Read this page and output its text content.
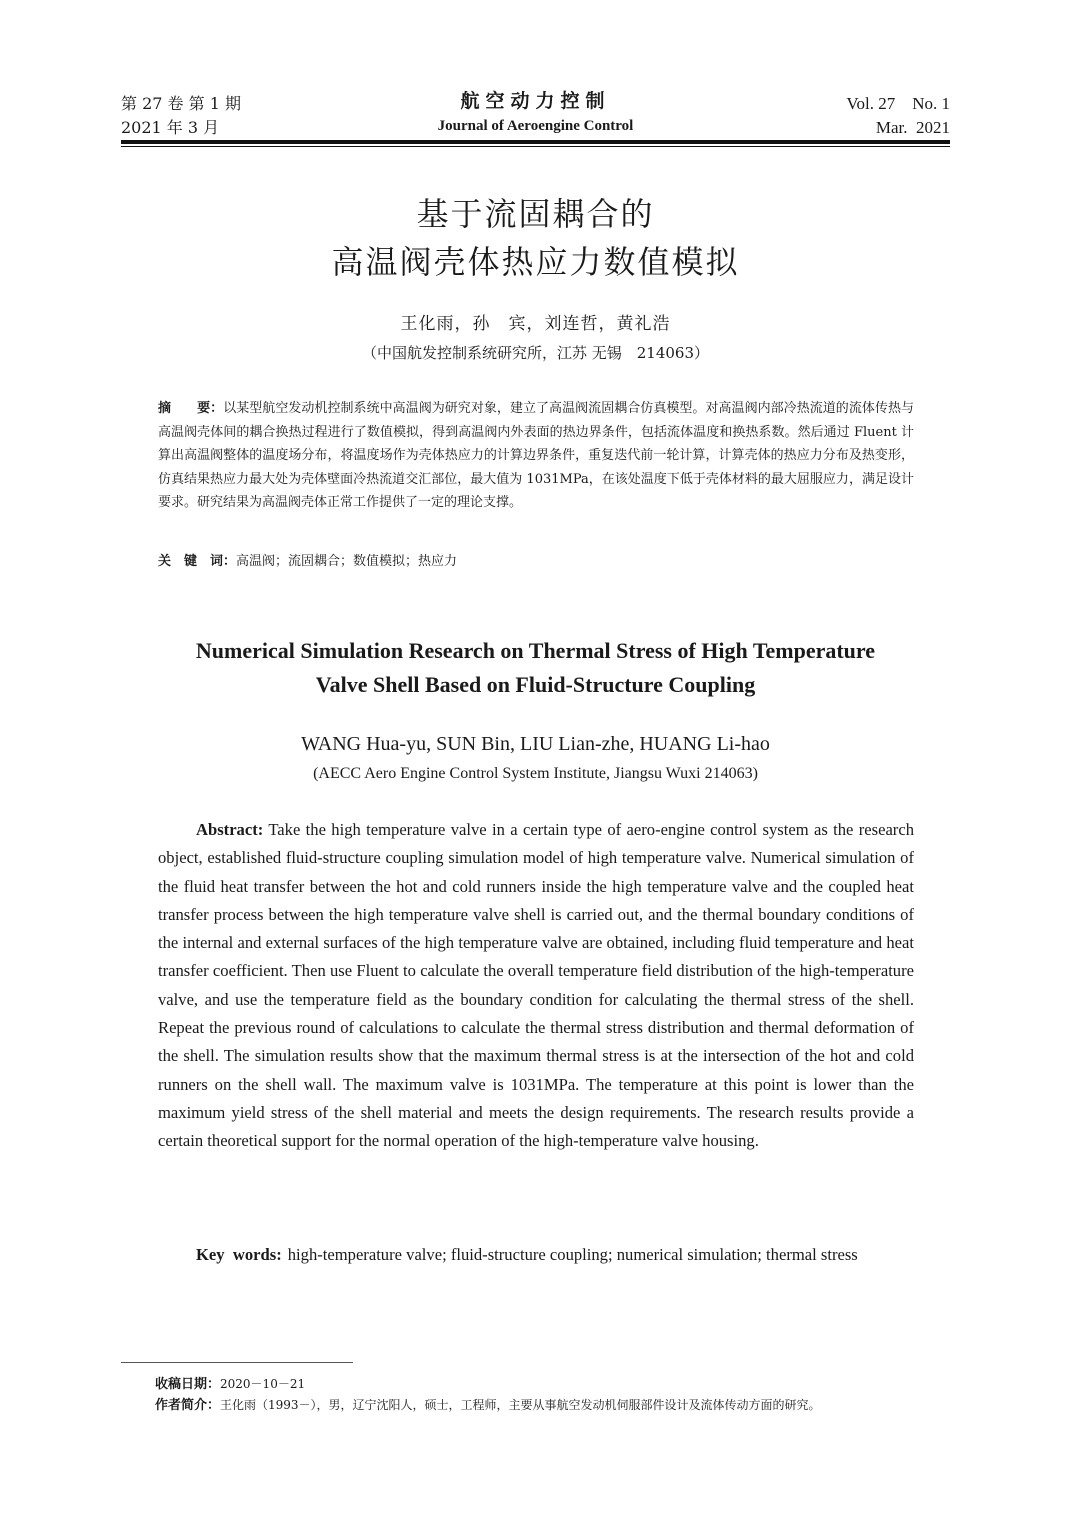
第 27 卷 第 1 期
2021 年 3 月
航空动力控制
Journal of Aeroengine Control
Vol. 27    No. 1
Mar.  2021
基于流固耦合的
高温阀壳体热应力数值模拟
王化雨，孙　宾，刘连哲，黄礼浩
（中国航发控制系统研究所，江苏 无锡　214063）
摘　　要：以某型航空发动机控制系统中高温阀为研究对象，建立了高温阀流固耦合仿真模型。对高温阀内部冷热流道的流体传热与高温阀壳体间的耦合换热过程进行了数值模拟，得到高温阀内外表面的热边界条件，包括流体温度和换热系数。然后通过 Fluent 计算出高温阀整体的温度场分布，将温度场作为壳体热应力的计算边界条件，重复迭代前一轮计算，计算壳体的热应力分布及热变形，仿真结果热应力最大处为壳体壁面冷热流道交汇部位，最大值为 1031MPa，在该处温度下低于壳体材料的最大屈服应力，满足设计要求。研究结果为高温阀壳体正常工作提供了一定的理论支撑。
关　键　词：高温阀；流固耦合；数值模拟；热应力
Numerical Simulation Research on Thermal Stress of High Temperature
Valve Shell Based on Fluid-Structure Coupling
WANG Hua-yu, SUN Bin, LIU Lian-zhe, HUANG Li-hao
(AECC Aero Engine Control System Institute, Jiangsu Wuxi 214063)
Abstract: Take the high temperature valve in a certain type of aero-engine control system as the research object, established fluid-structure coupling simulation model of high temperature valve. Numerical simulation of the fluid heat transfer between the hot and cold runners inside the high temperature valve and the coupled heat transfer process between the high temperature valve shell is carried out, and the thermal boundary conditions of the internal and external surfaces of the high temperature valve are obtained, including fluid temperature and heat transfer coefficient. Then use Fluent to calculate the overall temperature field distribution of the high-temperature valve, and use the temperature field as the boundary condition for calculating the thermal stress of the shell. Repeat the previous round of calculations to calculate the thermal stress distribution and thermal deformation of the shell. The simulation results show that the maximum thermal stress is at the intersection of the hot and cold runners on the shell wall. The maximum valve is 1031MPa. The temperature at this point is lower than the maximum yield stress of the shell material and meets the design requirements. The research results provide a certain theoretical support for the normal operation of the high-temperature valve housing.
Key  words: high-temperature valve; fluid-structure coupling; numerical simulation; thermal stress
收稿日期：2020－10－21
作者简介：王化雨（1993－），男，辽宁沈阳人，硕士，工程师，主要从事航空发动机伺服部件设计及流体传动方面的研究。
